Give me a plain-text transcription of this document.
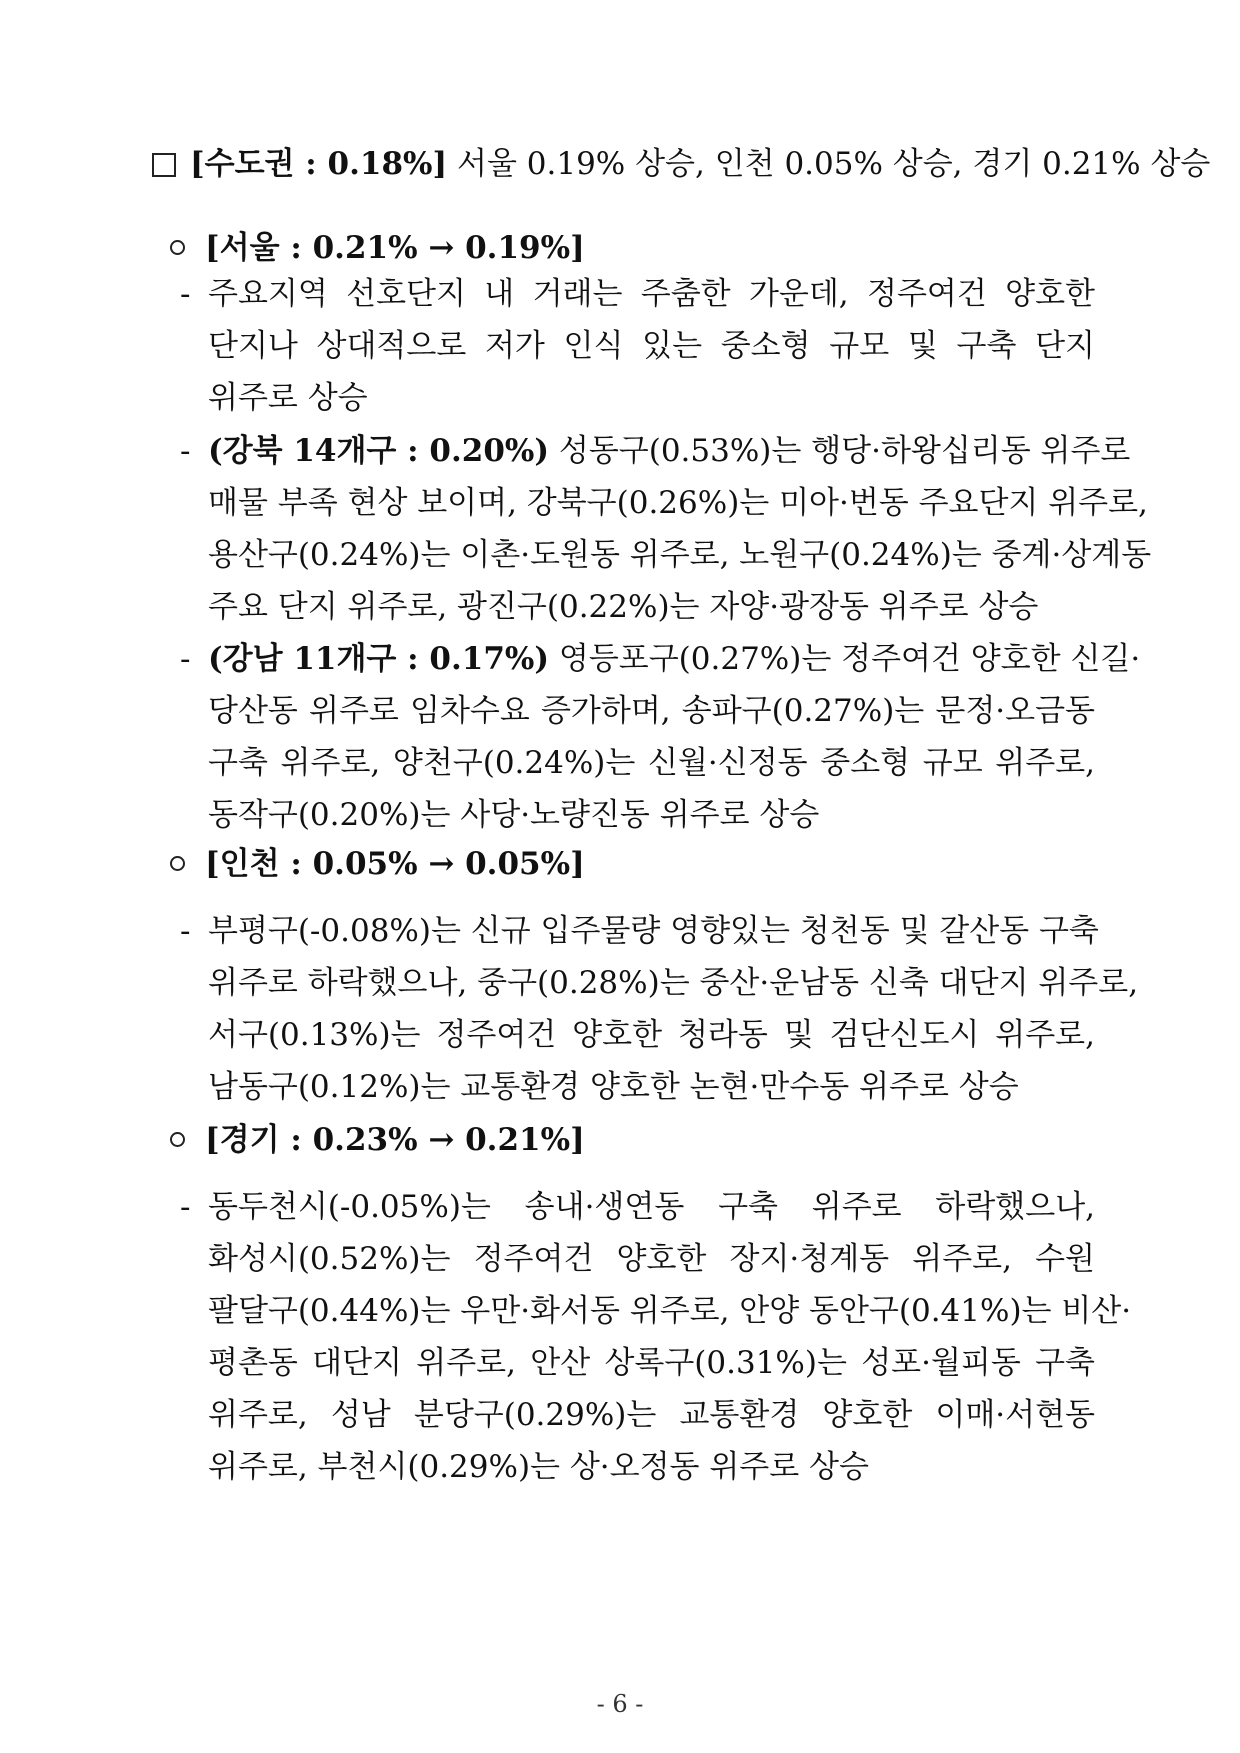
[수도권 : 0.18%] 서울 0.19% 상승, 인천 0.05% 상승, 경기 0.21% 상승
[서울 : 0.21% → 0.19%]
- 주요지역 선호단지 내 거래는 주춤한 가운데, 정주여건 양호한
단지나 상대적으로 저가 인식 있는 중소형 규모 및 구축 단지
위주로 상승
- (강북 14개구 : 0.20%) 성동구(0.53%)는 행당·하왕십리동 위주로
매물 부족 현상 보이며, 강북구(0.26%)는 미아·번동 주요단지 위주로,
용산구(0.24%)는 이촌·도원동 위주로, 노원구(0.24%)는 중계·상계동
주요 단지 위주로, 광진구(0.22%)는 자양·광장동 위주로 상승
- (강남 11개구 : 0.17%) 영등포구(0.27%)는 정주여건 양호한 신길·
당산동 위주로 임차수요 증가하며, 송파구(0.27%)는 문정·오금동
구축 위주로, 양천구(0.24%)는 신월·신정동 중소형 규모 위주로,
동작구(0.20%)는 사당·노량진동 위주로 상승
[인천 : 0.05% → 0.05%]
- 부평구(-0.08%)는 신규 입주물량 영향있는 청천동 및 갈산동 구축
위주로 하락했으나, 중구(0.28%)는 중산·운남동 신축 대단지 위주로,
서구(0.13%)는 정주여건 양호한 청라동 및 검단신도시 위주로,
남동구(0.12%)는 교통환경 양호한 논현·만수동 위주로 상승
[경기 : 0.23% → 0.21%]
- 동두천시(-0.05%)는 송내·생연동 구축 위주로 하락했으나,
화성시(0.52%)는 정주여건 양호한 장지·청계동 위주로, 수원
팔달구(0.44%)는 우만·화서동 위주로, 안양 동안구(0.41%)는 비산·
평촌동 대단지 위주로, 안산 상록구(0.31%)는 성포·월피동 구축
위주로, 성남 분당구(0.29%)는 교통환경 양호한 이매·서현동
위주로, 부천시(0.29%)는 상·오정동 위주로 상승
- 6 -
